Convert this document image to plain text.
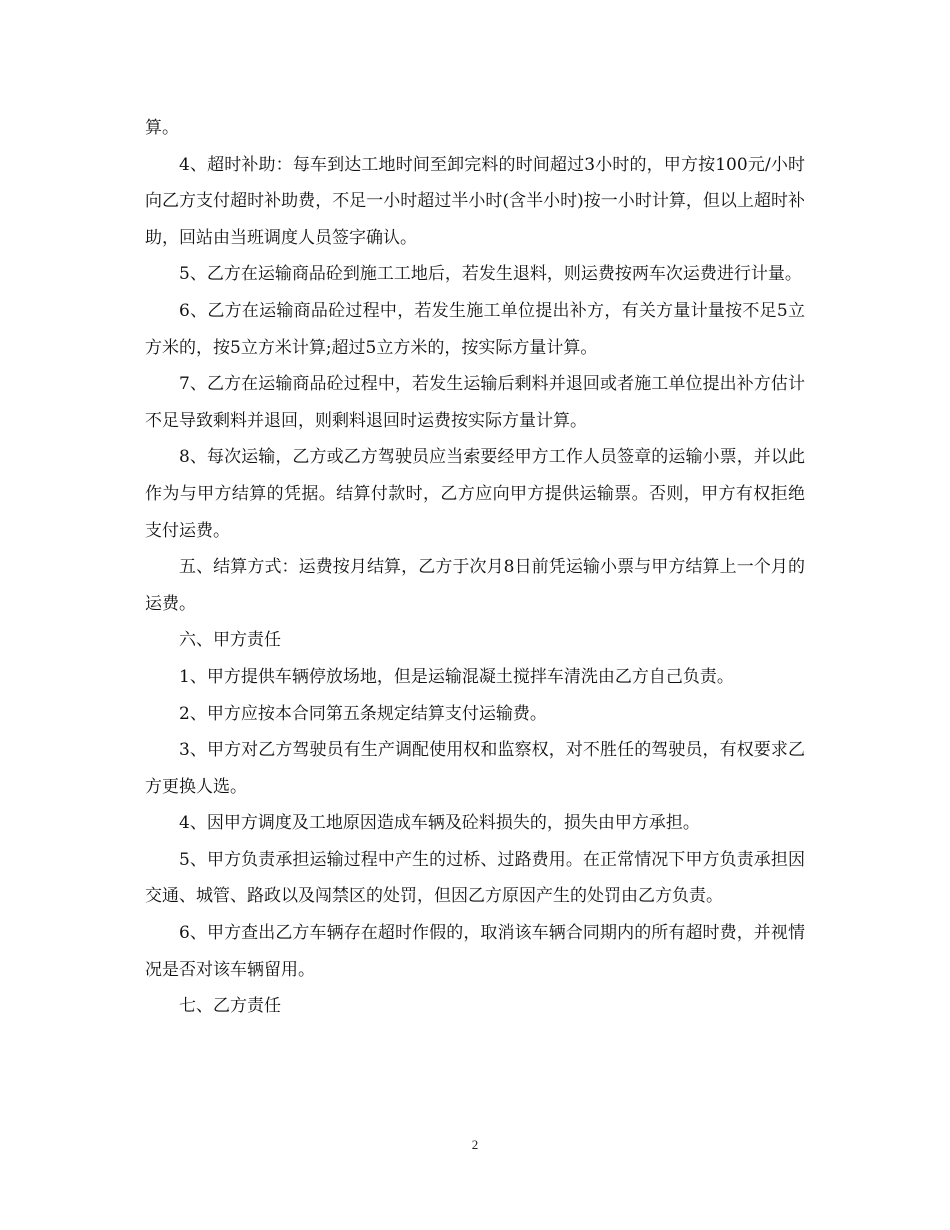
算。

4、超时补助：每车到达工地时间至卸完料的时间超过3小时的，甲方按100元/小时向乙方支付超时补助费，不足一小时超过半小时(含半小时)按一小时计算，但以上超时补助，回站由当班调度人员签字确认。

5、乙方在运输商品砼到施工工地后，若发生退料，则运费按两车次运费进行计量。

6、乙方在运输商品砼过程中，若发生施工单位提出补方，有关方量计量按不足5立方米的，按5立方米计算;超过5立方米的，按实际方量计算。

7、乙方在运输商品砼过程中，若发生运输后剩料并退回或者施工单位提出补方估计不足导致剩料并退回，则剩料退回时运费按实际方量计算。

8、每次运输，乙方或乙方驾驶员应当索要经甲方工作人员签章的运输小票，并以此作为与甲方结算的凭据。结算付款时，乙方应向甲方提供运输票。否则，甲方有权拒绝支付运费。

五、结算方式：运费按月结算，乙方于次月8日前凭运输小票与甲方结算上一个月的运费。

六、甲方责任

1、甲方提供车辆停放场地，但是运输混凝土搅拌车清洗由乙方自己负责。

2、甲方应按本合同第五条规定结算支付运输费。

3、甲方对乙方驾驶员有生产调配使用权和监察权，对不胜任的驾驶员，有权要求乙方更换人选。

4、因甲方调度及工地原因造成车辆及砼料损失的，损失由甲方承担。

5、甲方负责承担运输过程中产生的过桥、过路费用。在正常情况下甲方负责承担因交通、城管、路政以及闯禁区的处罚，但因乙方原因产生的处罚由乙方负责。

6、甲方查出乙方车辆存在超时作假的，取消该车辆合同期内的所有超时费，并视情况是否对该车辆留用。

七、乙方责任

2
